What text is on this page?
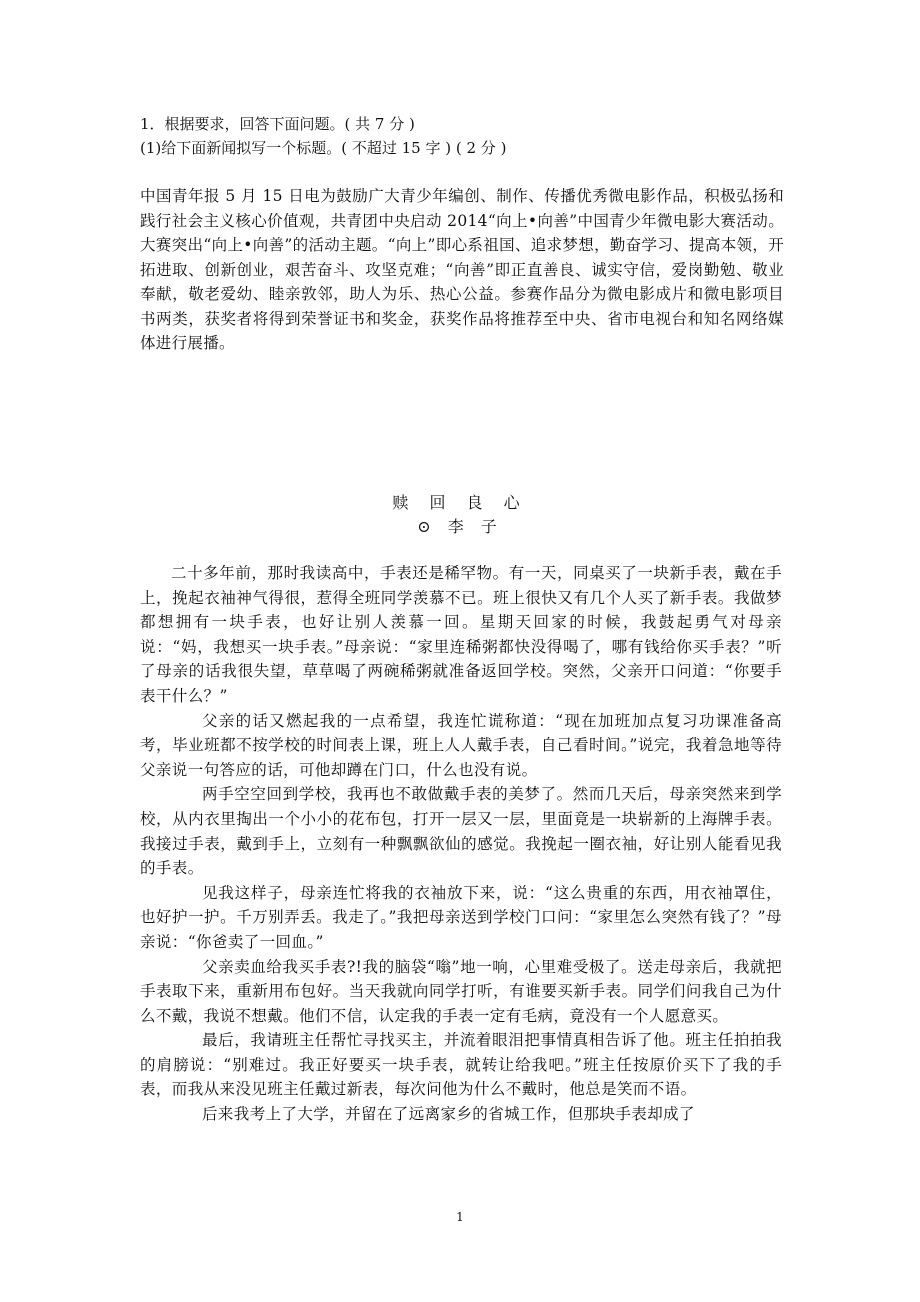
1．根据要求，回答下面问题。( 共 7 分 )
(1)给下面新闻拟写一个标题。( 不超过 15 字 ) ( 2 分 )
中国青年报 5 月 15 日电为鼓励广大青少年编创、制作、传播优秀微电影作品，积极弘扬和践行社会主义核心价值观，共青团中央启动 2014“向上•向善”中国青少年微电影大赛活动。大赛突出“向上•向善”的活动主题。“向上”即心系祖国、追求梦想，勤奋学习、提高本领，开拓进取、创新创业，艰苦奋斗、攻坚克难；“向善”即正直善良、诚实守信，爱岗勤勉、敬业奉献，敬老爱幼、睦亲敦邻，助人为乐、热心公益。参赛作品分为微电影成片和微电影项目书两类，获奖者将得到荣誉证书和奖金，获奖作品将推荐至中央、省市电视台和知名网络媒体进行展播。
赎 回 良 心
⊙ 李 子

二十多年前，那时我读高中，手表还是稀罕物。有一天，同桌买了一块新手表，戴在手上，挽起衣袖神气得很，惹得全班同学羡慕不已。班上很快又有几个人买了新手表。我做梦都想拥有一块手表，也好让别人羡慕一回。星期天回家的时候，我鼓起勇气对母亲说：“妈，我想买一块手表。”母亲说：“家里连稀粥都快没得喝了，哪有钱给你买手表？”听了母亲的话我很失望，草草喝了两碗稀粥就准备返回学校。突然，父亲开口问道：“你要手表干什么？”

父亲的话又燃起我的一点希望，我连忙谎称道：“现在加班加点复习功课准备高考，毕业班都不按学校的时间表上课，班上人人戴手表，自己看时间。”说完，我着急地等待父亲说一句答应的话，可他却蹲在门口，什么也没有说。

两手空空回到学校，我再也不敢做戴手表的美梦了。然而几天后，母亲突然来到学校，从内衣里掏出一个小小的花布包，打开一层又一层，里面竟是一块崭新的上海牌手表。我接过手表，戴到手上，立刻有一种飘飘欲仙的感觉。我挽起一圈衣袖，好让别人能看见我的手表。

见我这样子，母亲连忙将我的衣袖放下来，说：“这么贵重的东西，用衣袖罩住，也好护一护。千万别弄丢。我走了。”我把母亲送到学校门口问：“家里怎么突然有钱了？”母亲说：“你爸卖了一回血。”

父亲卖血给我买手表?!我的脑袋“嗡”地一响，心里难受极了。送走母亲后，我就把手表取下来，重新用布包好。当天我就向同学打听，有谁要买新手表。同学们问我自己为什么不戴，我说不想戴。他们不信，认定我的手表一定有毛病，竟没有一个人愿意买。

最后，我请班主任帮忙寻找买主，并流着眼泪把事情真相告诉了他。班主任拍拍我的肩膀说：“别难过。我正好要买一块手表，就转让给我吧。”班主任按原价买下了我的手表，而我从来没见班主任戴过新表，每次问他为什么不戴时，他总是笑而不语。

后来我考上了大学，并留在了远离家乡的省城工作，但那块手表却成了

1
